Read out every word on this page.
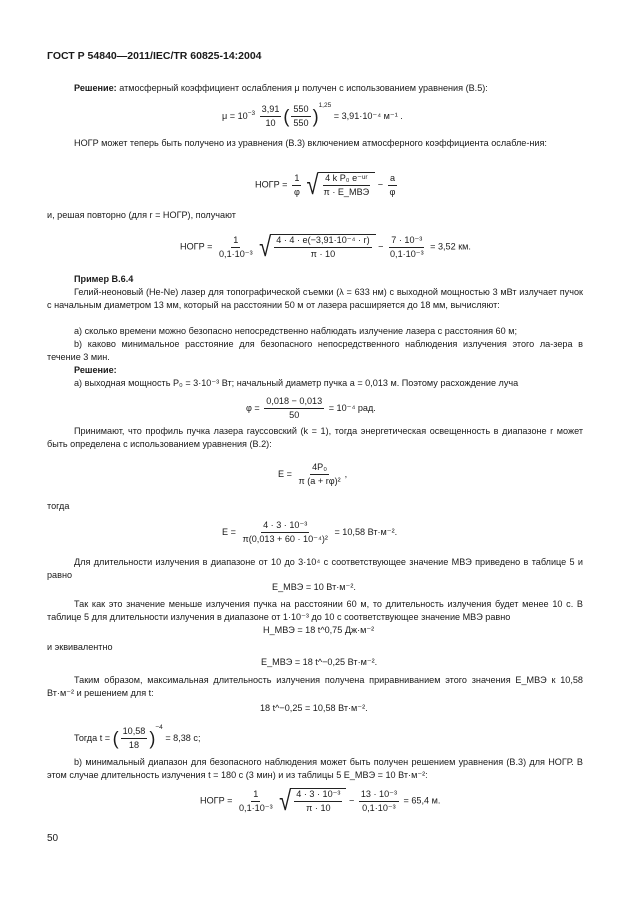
ГОСТ Р 54840—2011/IEC/TR 60825-14:2004
Решение: атмосферный коэффициент ослабления μ получен с использованием уравнения (В.5):
$\mu = 10^{-3} \frac{3,91}{10}$ ( $\frac{550}{550} )^{1,25} = 3,91\cdot 10^{-4}$ м⁻¹ .
НОГР может теперь быть получено из уравнения (В.3) включением атмосферного коэффициента ослабле-ния:
НОГР = $\frac{1}{\varphi}$
√ 4 k P₀ e⁻ᵘʳ
π · E_МВЭ
− $\frac{a}{\varphi}$
и, решая повторно (для r = НОГР), получают
НОГР = $\frac{1}{\text{0,1·10⁻³}}$
√ 4 · 4 · e(−3,91·10⁻⁴ · r)
π · 10
− $\frac{\text{7 · 10⁻³}}{\text{0,1·10⁻³}} = 3,52$ км.
Пример В.6.4
Гелий-неоновый (He-Ne) лазер для топографической съемки (λ = 633 нм) с выходной мощностью 3 мВт излучает пучок с начальным диаметром 13 мм, который на расстоянии 50 м от лазера расширяется до 18 мм, вычисляют:
а) сколько времени можно безопасно непосредственно наблюдать излучение лазера с расстояния 60 м;
b) каково минимальное расстояние для безопасного непосредственного наблюдения излучения этого ла-зера в течение 3 мин.
Решение:
а) выходная мощность P₀ = 3·10⁻³ Вт; начальный диаметр пучка a = 0,013 м. Поэтому расхождение луча
$\varphi = \frac{0,018 - 0,013}{50} = 10^{-4}$ рад.
Принимают, что профиль пучка лазера гауссовский (k = 1), тогда энергетическая освещенность в диапазоне r может быть определена с использованием уравнения (В.2):
$E = \frac{\text{4P₀}}{\text{π (a + rφ)²}}$ ,
тогда
$E = \frac{\text{4 · 3 · 10⁻³}}{\text{π(0,013 + 60 · 10⁻⁴)²}} = 10,58$ Вт·м⁻².
Для длительности излучения в диапазоне от 10 до 3·10⁴ с соответствующее значение МВЭ приведено в таблице 5 и равно
E_МВЭ = 10 Вт·м⁻².
Так как это значение меньше излучения пучка на расстоянии 60 м, то длительность излучения будет менее 10 с. В таблице 5 для длительности излучения в диапазоне от 1·10⁻³ до 10 с соответствующее значение МВЭ равно
H_МВЭ = 18 t^0,75 Дж·м⁻²
и эквивалентно
E_МВЭ = 18 t^−0,25 Вт·м⁻².
Таким образом, максимальная длительность излучения получена приравниванием этого значения E_МВЭ к 10,58 Вт·м⁻² и решением для t:
18 t^−0,25 = 10,58 Вт·м⁻².
Тогда t = ( $\frac{10,58}{18} )^{-4} = 8,38$ с;
b) минимальный диапазон для безопасного наблюдения может быть получен решением уравнения (В.3) для НОГР. В этом случае длительность излучения t = 180 с (3 мин) и из таблицы 5 E_МВЭ = 10 Вт·м⁻²:
НОГР = $\frac{1}{\text{0,1·10⁻³}}$
√ 4 · 3 · 10⁻³
π · 10
− $\frac{\text{13 · 10⁻³}}{\text{0,1·10⁻³}} = 65,4$ м.
50
